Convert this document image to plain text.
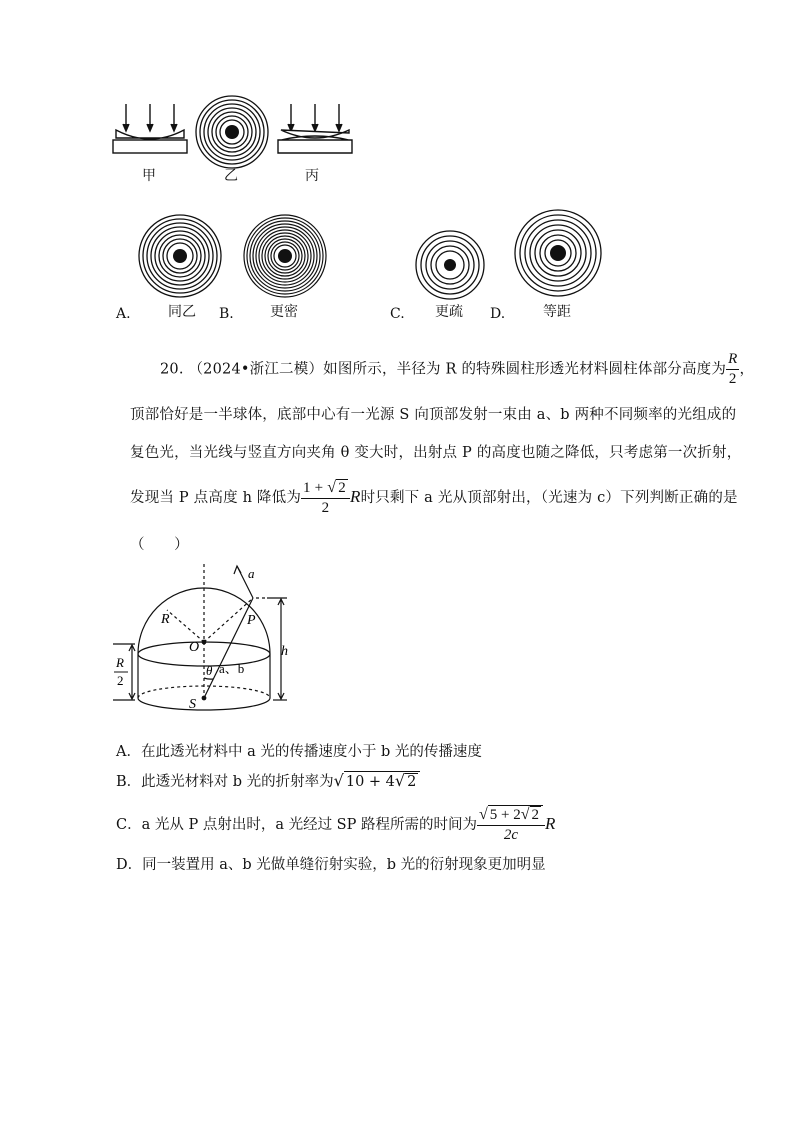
甲	乙	丙
A.	同乙 B.	更密	C. 更疏 D.	等距
20. （2024•浙江二模）如图所示，半径为 R 的特殊圆柱形透光材料圆柱体部分高度为 $\frac{R}{2}$ ，
顶部恰好是一半球体，底部中心有一光源 S 向顶部发射一束由 a、b 两种不同频率的光组成的
复色光，当光线与竖直方向夹角 θ 变大时，出射点 P 的高度也随之降低，只考虑第一次折射，
发现当 P 点高度 h 降低为 $\frac{1 + √ 2}{2}$ R时只剩下 a 光从顶部射出，（光速为 c）下列判断正确的是
（　　）
a
R	P
O	h
θ a、b
S
R
2
A．在此透光材料中 a 光的传播速度小于 b 光的传播速度
B．此透光材料对 b 光的折射率为√ 10 + 4√ 2
C．a 光从 P 点射出时，a 光经过 SP 路程所需的时间为 $\frac{√ 5 + 2√ 2}{2c}$ R
D．同一装置用 a、b 光做单缝衍射实验，b 光的衍射现象更加明显
